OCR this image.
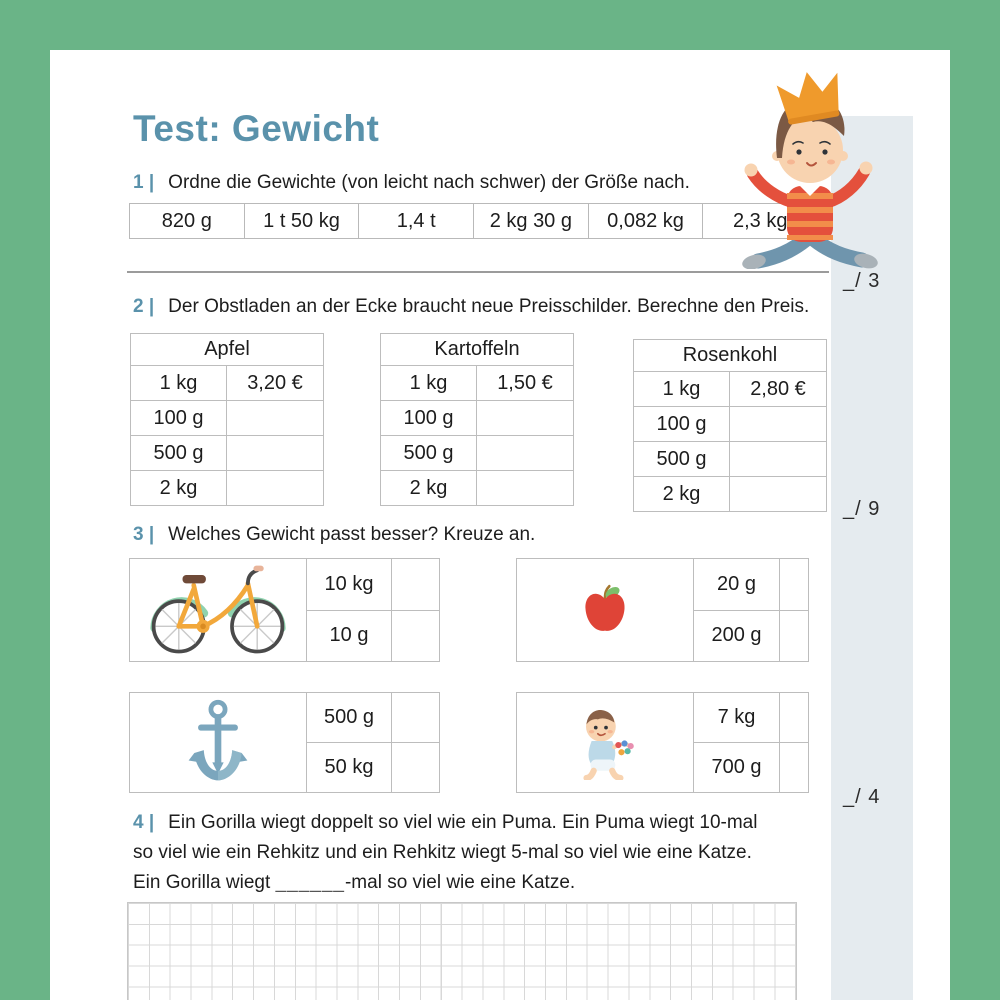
Test: Gewicht
1 | Ordne die Gewichte (von leicht nach schwer) der Größe nach.
820 g	1 t 50 kg	1,4 t	2 kg 30 g	0,082 kg	2,3 kg
_/ 3
2 | Der Obstladen an der Ecke braucht neue Preisschilder. Berechne den Preis.
Apfel
1 kg	3,20 €
100 g
500 g
2 kg
Kartoffeln
1 kg	1,50 €
100 g
500 g
2 kg
Rosenkohl
1 kg	2,80 €
100 g
500 g
2 kg
_/ 9
3 | Welches Gewicht passt besser? Kreuze an.
10 kg
10 g
20 g
200 g
500 g
50 kg
7 kg
700 g
_/ 4
4 | Ein Gorilla wiegt doppelt so viel wie ein Puma. Ein Puma wiegt 10-mal
so viel wie ein Rehkitz und ein Rehkitz wiegt 5-mal so viel wie eine Katze.
Ein Gorilla wiegt ______-mal so viel wie eine Katze.
